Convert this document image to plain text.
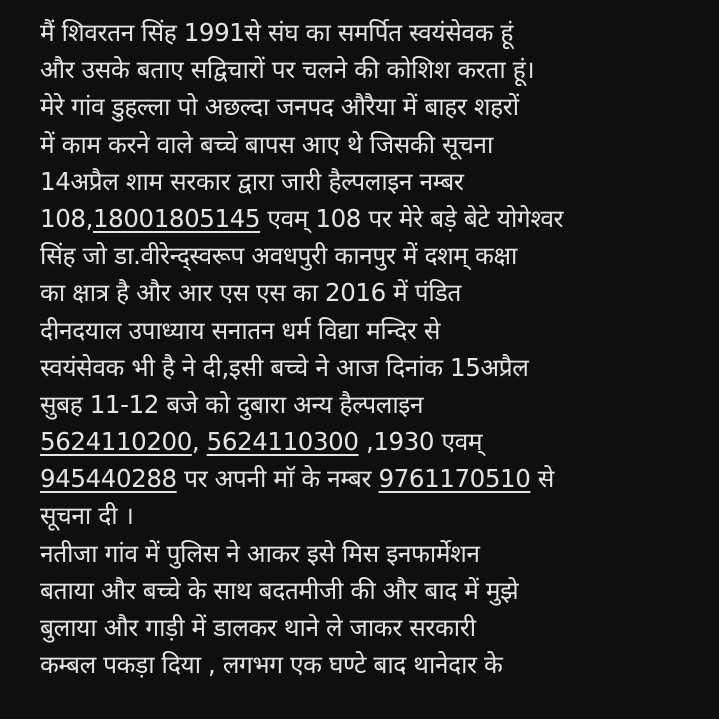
मैं शिवरतन सिंह 1991से संघ का समर्पित स्वयंसेवक हूं
और उसके बताए सद्विचारों पर चलने की कोशिश करता हूं।
मेरे गांव डुहल्ला पो अछल्दा जनपद औरैया में बाहर शहरों
में काम करने वाले बच्चे बापस आए थे जिसकी सूचना
14अप्रैल शाम सरकार द्वारा जारी हैल्पलाइन नम्बर
108,18001805145 एवम् 108 पर मेरे बड़े बेटे योगेश्वर
सिंह जो डा.वीरेन्द्स्वरूप अवधपुरी कानपुर में दशम् कक्षा
का क्षात्र है और आर एस एस का 2016 में पंडित
दीनदयाल उपाध्याय सनातन धर्म विद्या मन्दिर से
स्वयंसेवक भी है ने दी,इसी बच्चे ने आज दिनांक 15अप्रैल
सुबह 11-12 बजे को दुबारा अन्य हैल्पलाइन
5624110200, 5624110300 ,1930 एवम्
945440288 पर अपनी माॅ के नम्बर 9761170510 से
सूचना दी ।
नतीजा गांव में पुलिस ने आकर इसे मिस इनफार्मेशन
बताया और बच्चे के साथ बदतमीजी की और बाद में मुझे
बुलाया और गाड़ी में डालकर थाने ले जाकर सरकारी
कम्बल पकड़ा दिया , लगभग एक घण्टे बाद थानेदार के
